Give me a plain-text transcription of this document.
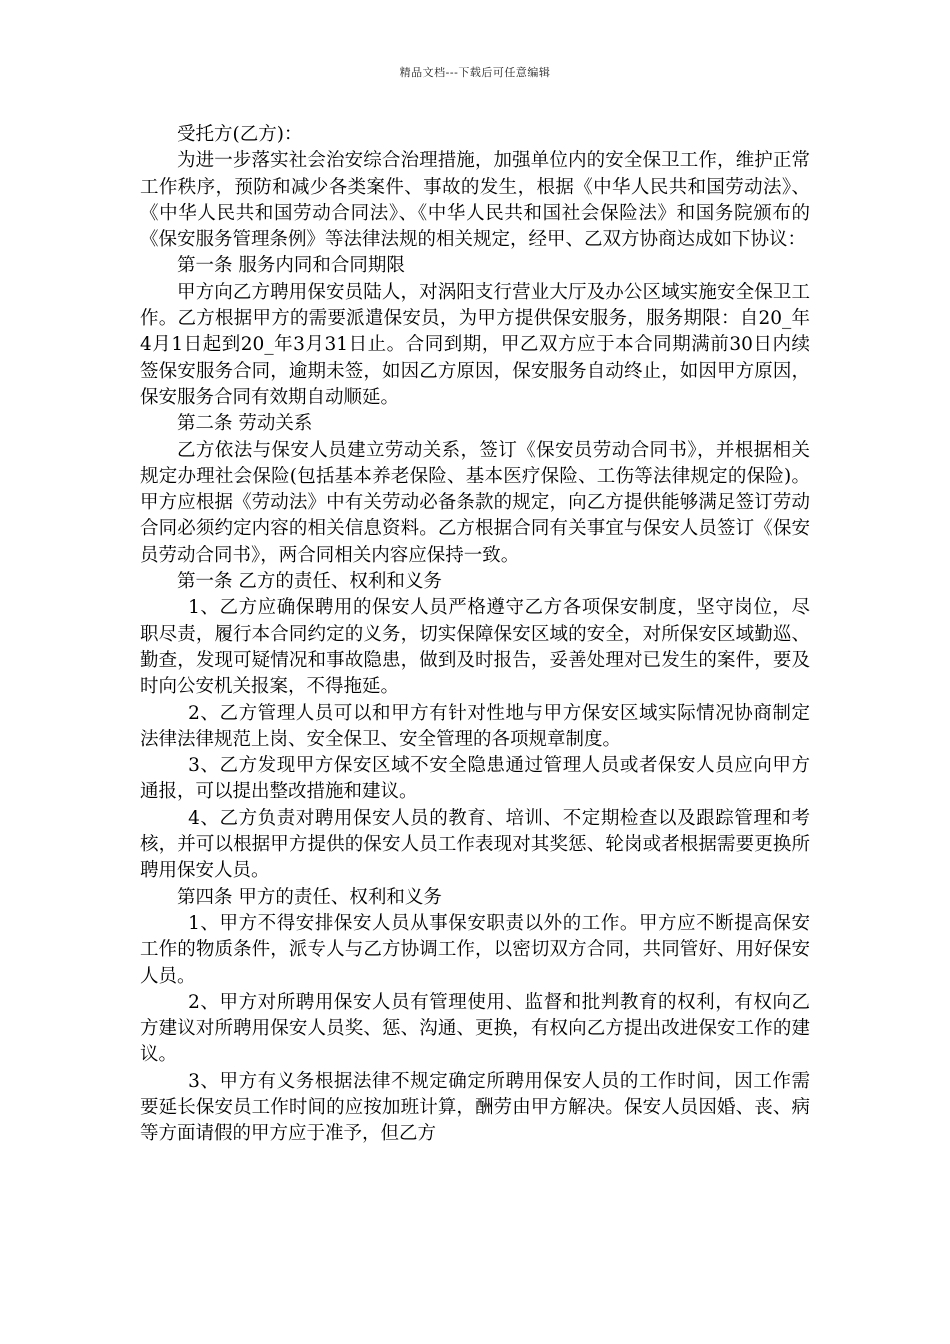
精品文档---下载后可任意编辑

受托方(乙方)：

为进一步落实社会治安综合治理措施，加强单位内的安全保卫工作，维护正常工作秩序，预防和减少各类案件、事故的发生，根据《中华人民共和国劳动法》、《中华人民共和国劳动合同法》、《中华人民共和国社会保险法》和国务院颁布的《保安服务管理条例》等法律法规的相关规定，经甲、乙双方协商达成如下协议：

第一条 服务内同和合同期限

甲方向乙方聘用保安员陆人，对涡阳支行营业大厅及办公区域实施安全保卫工作。乙方根据甲方的需要派遣保安员，为甲方提供保安服务，服务期限：自20_年4月1日起到20_年3月31日止。合同到期，甲乙双方应于本合同期满前30日内续签保安服务合同，逾期未签，如因乙方原因，保安服务自动终止，如因甲方原因，保安服务合同有效期自动顺延。

第二条 劳动关系

乙方依法与保安人员建立劳动关系，签订《保安员劳动合同书》，并根据相关规定办理社会保险(包括基本养老保险、基本医疗保险、工伤等法律规定的保险)。甲方应根据《劳动法》中有关劳动必备条款的规定，向乙方提供能够满足签订劳动合同必须约定内容的相关信息资料。乙方根据合同有关事宜与保安人员签订《保安员劳动合同书》，两合同相关内容应保持一致。

第一条 乙方的责任、权利和义务

1、乙方应确保聘用的保安人员严格遵守乙方各项保安制度，坚守岗位，尽职尽责，履行本合同约定的义务，切实保障保安区域的安全，对所保安区域勤巡、勤查，发现可疑情况和事故隐患，做到及时报告，妥善处理对已发生的案件，要及时向公安机关报案，不得拖延。

2、乙方管理人员可以和甲方有针对性地与甲方保安区域实际情况协商制定法律法律规范上岗、安全保卫、安全管理的各项规章制度。

3、乙方发现甲方保安区域不安全隐患通过管理人员或者保安人员应向甲方通报，可以提出整改措施和建议。

4、乙方负责对聘用保安人员的教育、培训、不定期检查以及跟踪管理和考核，并可以根据甲方提供的保安人员工作表现对其奖惩、轮岗或者根据需要更换所聘用保安人员。

第四条 甲方的责任、权利和义务

1、甲方不得安排保安人员从事保安职责以外的工作。甲方应不断提高保安工作的物质条件，派专人与乙方协调工作，以密切双方合同，共同管好、用好保安人员。

2、甲方对所聘用保安人员有管理使用、监督和批判教育的权利，有权向乙方建议对所聘用保安人员奖、惩、沟通、更换，有权向乙方提出改进保安工作的建议。

3、甲方有义务根据法律不规定确定所聘用保安人员的工作时间，因工作需要延长保安员工作时间的应按加班计算，酬劳由甲方解决。保安人员因婚、丧、病等方面请假的甲方应于准予，但乙方
